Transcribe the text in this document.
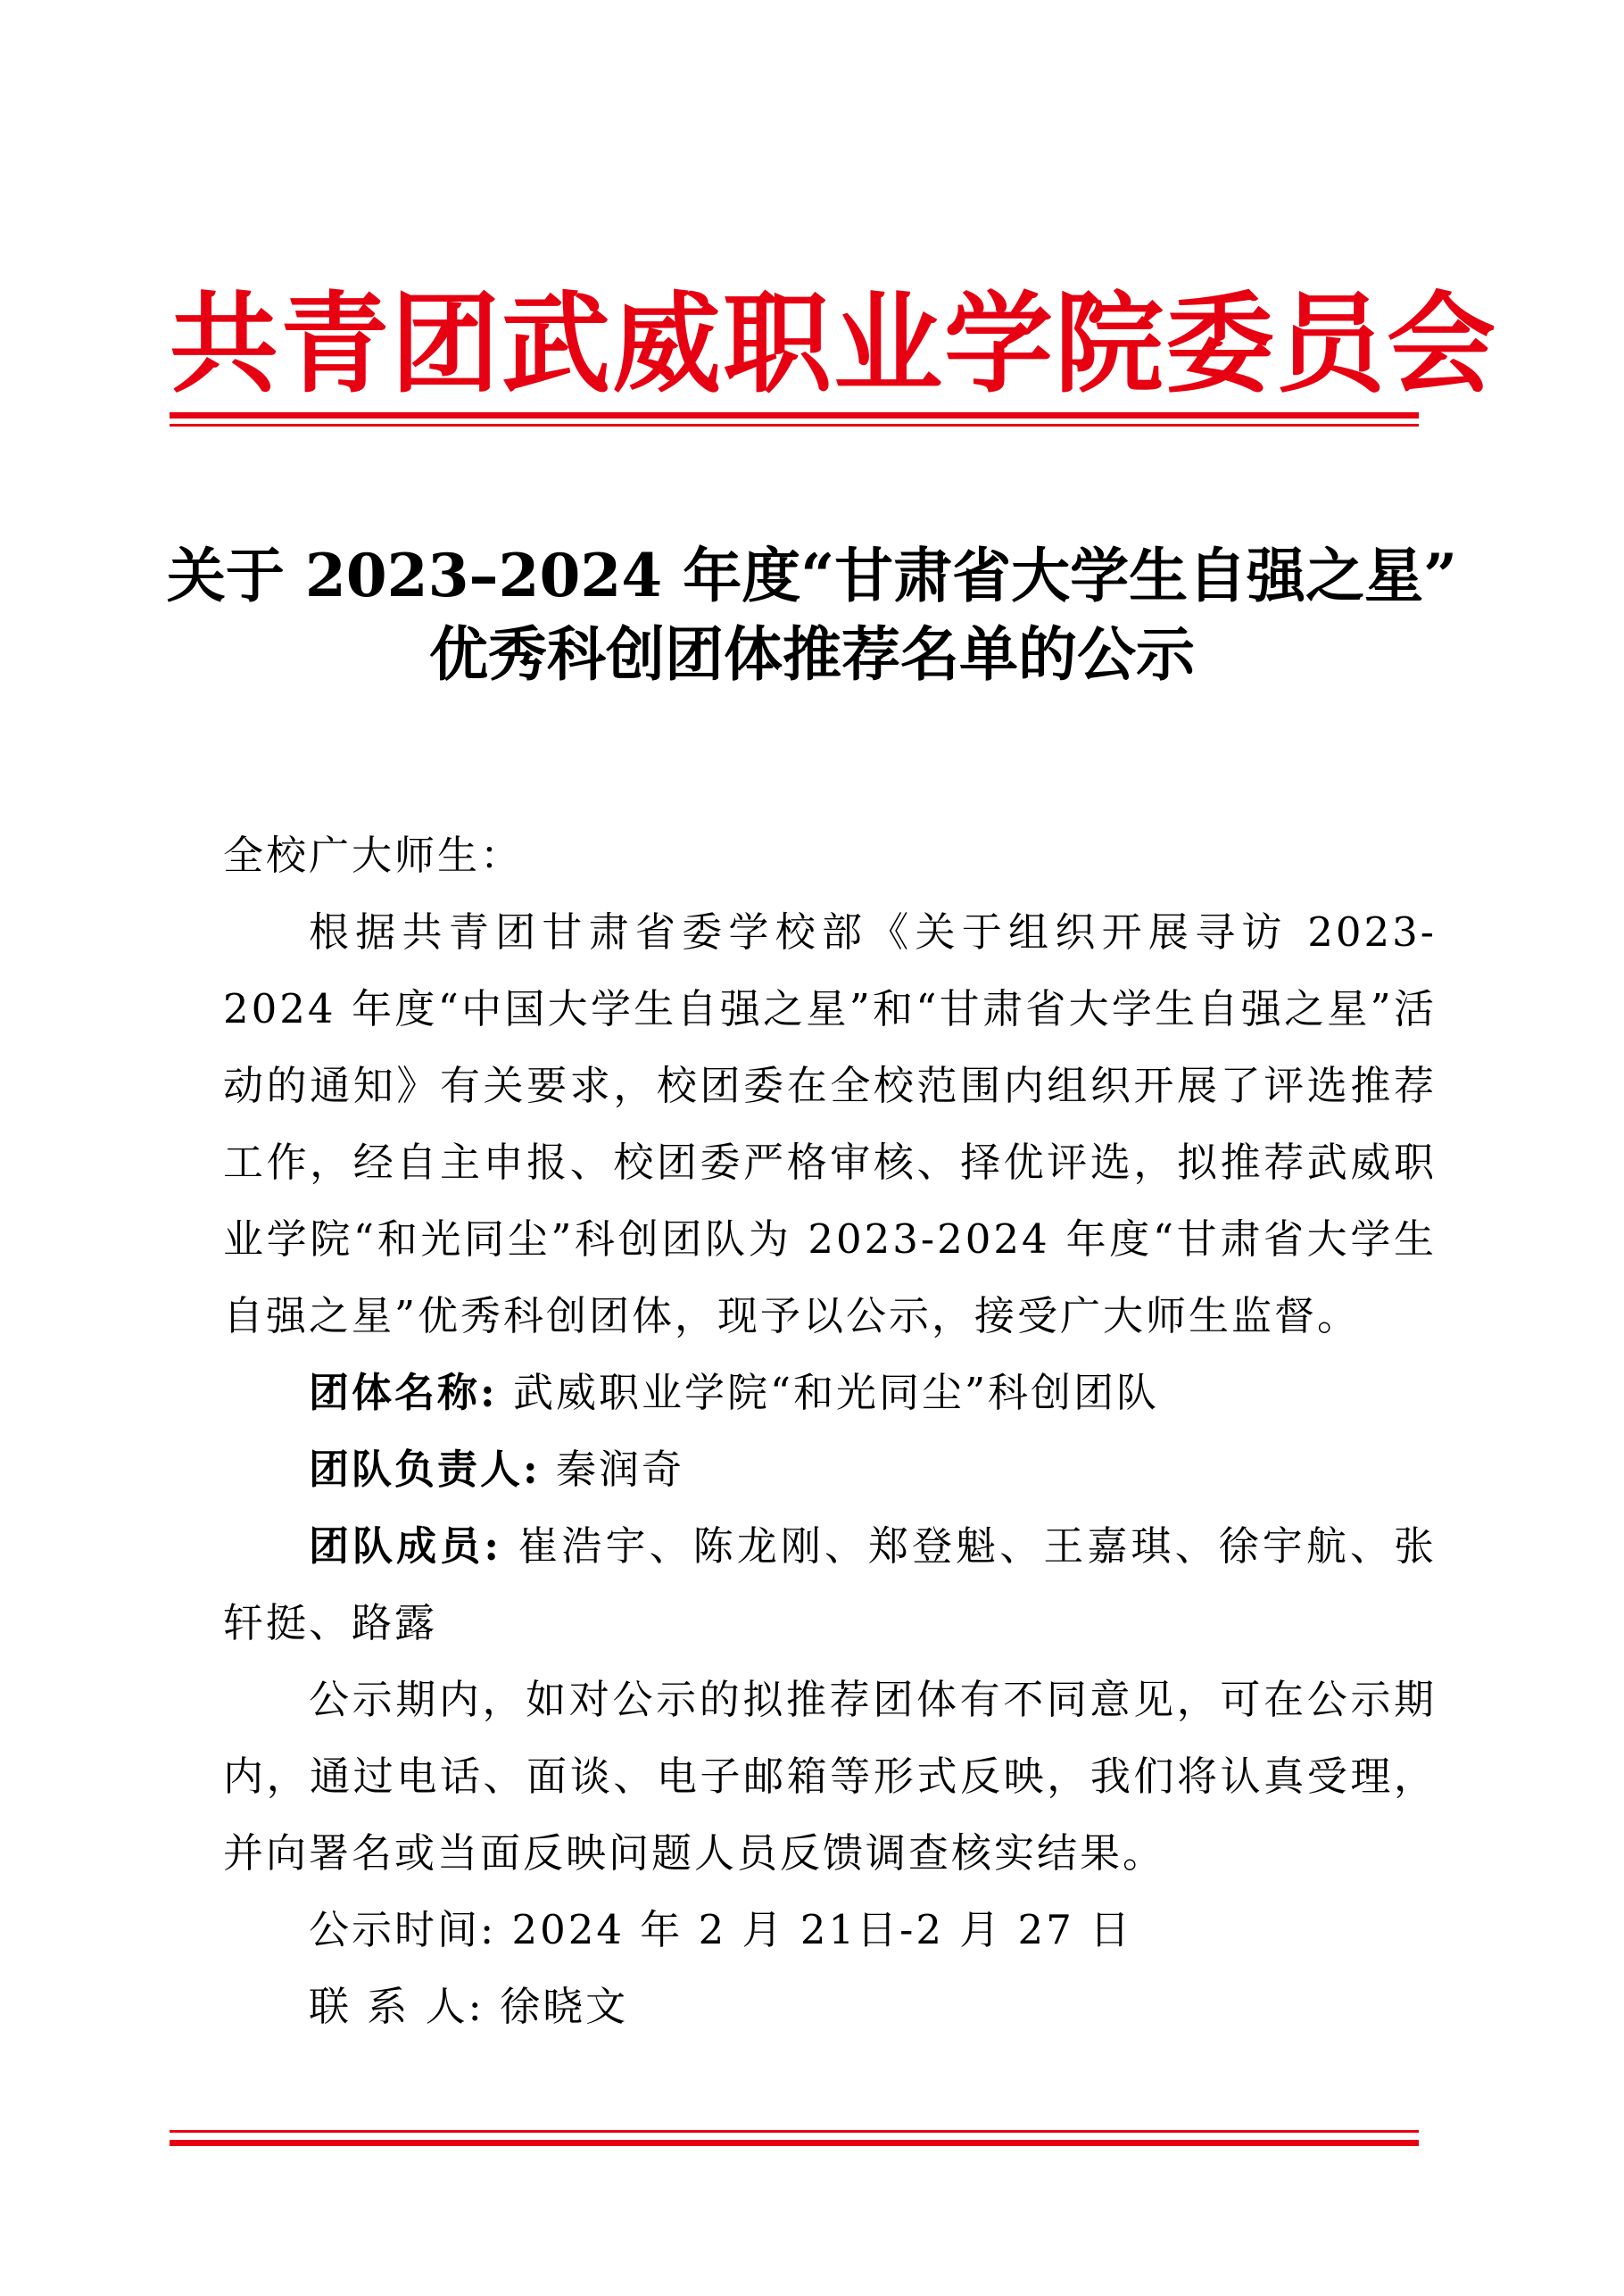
共青团武威职业学院委员会
关于 2023–2024 年度“甘肃省大学生自强之星”
优秀科创团体推荐名单的公示
全校广大师生：
根据共青团甘肃省委学校部《关于组织开展寻访 2023-2024 年度“中国大学生自强之星”和“甘肃省大学生自强之星”活动的通知》有关要求，校团委在全校范围内组织开展了评选推荐工作，经自主申报、校团委严格审核、择优评选，拟推荐武威职业学院“和光同尘”科创团队为 2023-2024 年度“甘肃省大学生自强之星”优秀科创团体，现予以公示，接受广大师生监督。
团体名称: 武威职业学院“和光同尘”科创团队
团队负责人: 秦润奇
团队成员: 崔浩宇、陈龙刚、郑登魁、王嘉琪、徐宇航、张轩挺、路露
公示期内，如对公示的拟推荐团体有不同意见，可在公示期内，通过电话、面谈、电子邮箱等形式反映，我们将认真受理，并向署名或当面反映问题人员反馈调查核实结果。
公示时间: 2024 年 2 月 21日-2 月 27 日
联 系 人: 徐晓文
